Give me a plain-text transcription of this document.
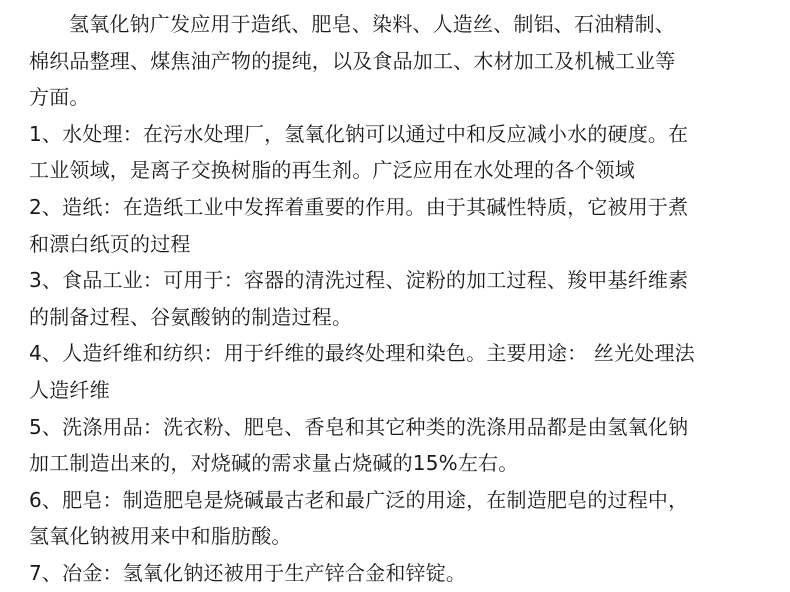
氢氧化钠广发应用于造纸、肥皂、染料、人造丝、制铝、石油精制、
棉织品整理、煤焦油产物的提纯，以及食品加工、木材加工及机械工业等
方面。

1、水处理：在污水处理厂，氢氧化钠可以通过中和反应减小水的硬度。在
工业领域，是离子交换树脂的再生剂。广泛应用在水处理的各个领域

2、造纸：在造纸工业中发挥着重要的作用。由于其碱性特质，它被用于煮
和漂白纸页的过程

3、食品工业：可用于：容器的清洗过程、淀粉的加工过程、羧甲基纤维素
的制备过程、谷氨酸钠的制造过程。

4、人造纤维和纺织：用于纤维的最终处理和染色。主要用途： 丝光处理法
人造纤维

5、洗涤用品：洗衣粉、肥皂、香皂和其它种类的洗涤用品都是由氢氧化钠
加工制造出来的，对烧碱的需求量占烧碱的15%左右。

6、肥皂：制造肥皂是烧碱最古老和最广泛的用途，在制造肥皂的过程中，
氢氧化钠被用来中和脂肪酸。

7、冶金：氢氧化钠还被用于生产锌合金和锌锭。
